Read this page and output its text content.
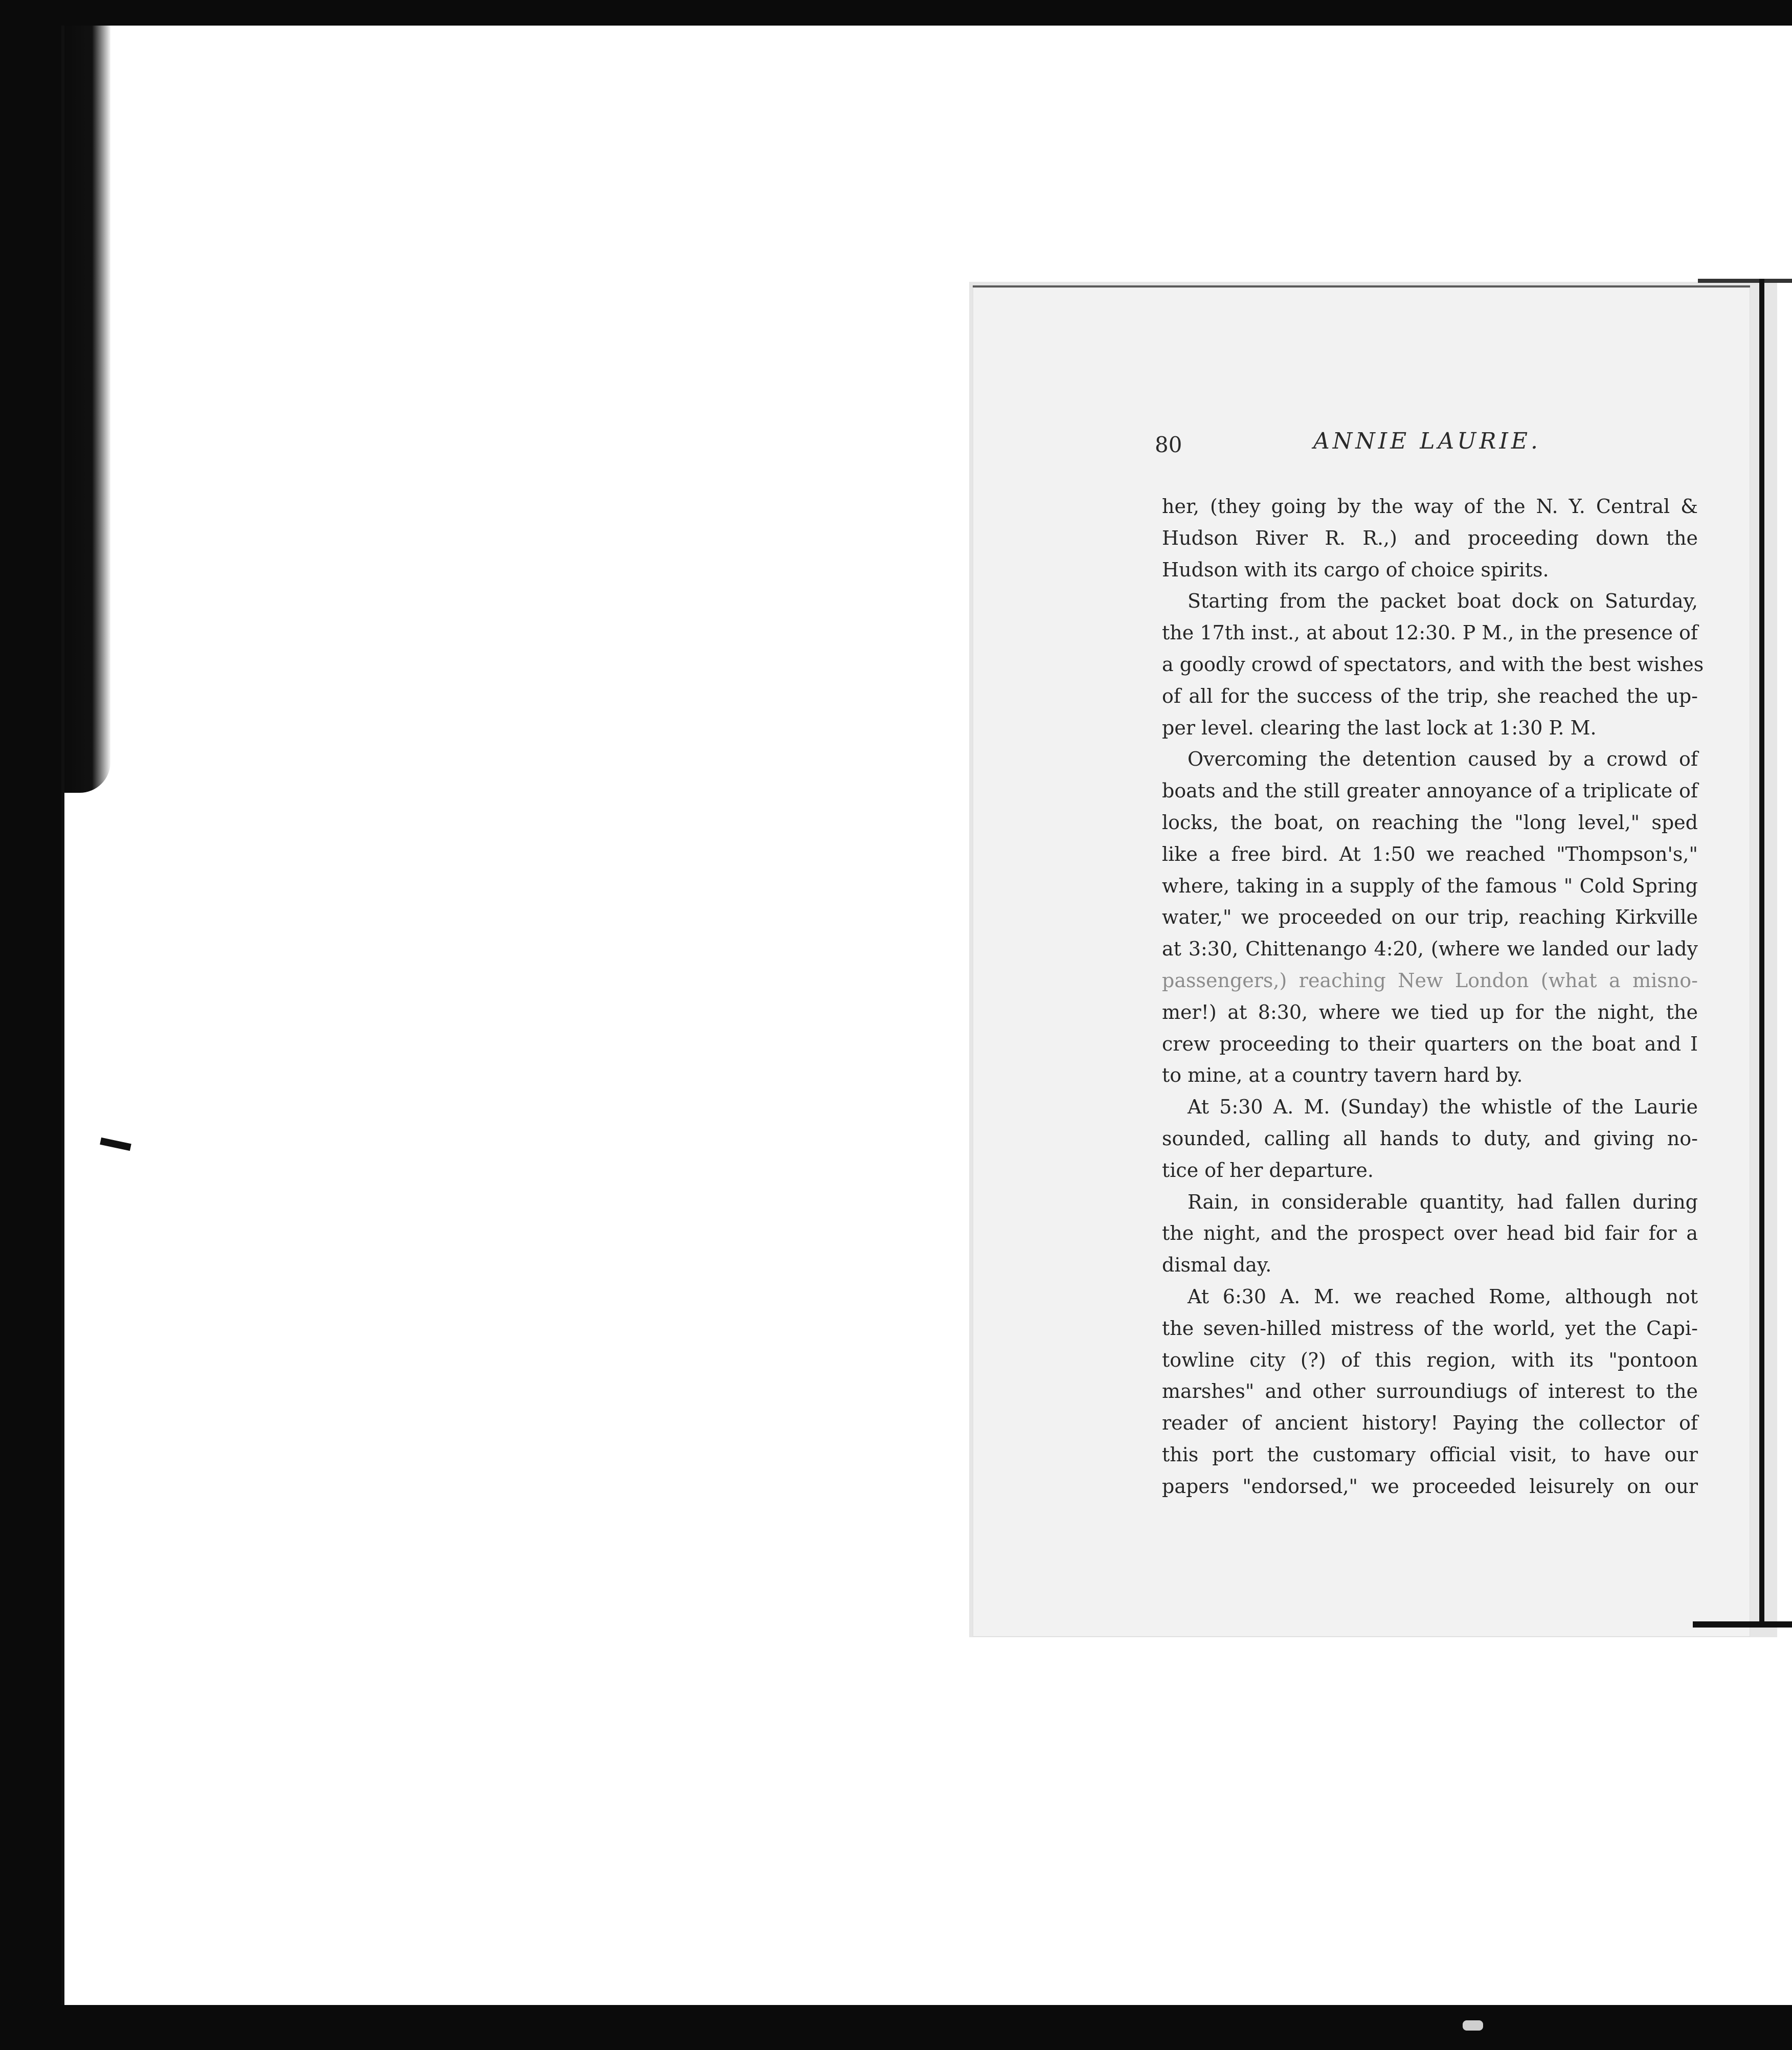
80	ANNIE LAURIE.
her, (they going by the way of the N. Y. Central &
Hudson River R. R.,) and proceeding down the
Hudson with its cargo of choice spirits.
Starting from the packet boat dock on Saturday,
the 17th inst., at about 12:30. P M., in the presence of
a goodly crowd of spectators, and with the best wishes
of all for the success of the trip, she reached the up-
per level. clearing the last lock at 1:30 P. M.
Overcoming the detention caused by a crowd of
boats and the still greater annoyance of a triplicate of
locks, the boat, on reaching the "long level," sped
like a free bird. At 1:50 we reached "Thompson's,"
where, taking in a supply of the famous " Cold Spring
water," we proceeded on our trip, reaching Kirkville
at 3:30, Chittenango 4:20, (where we landed our lady
passengers,) reaching New London (what a misno-
mer!) at 8:30, where we tied up for the night, the
crew proceeding to their quarters on the boat and I
to mine, at a country tavern hard by.
At 5:30 A. M. (Sunday) the whistle of the Laurie
sounded, calling all hands to duty, and giving no-
tice of her departure.
Rain, in considerable quantity, had fallen during
the night, and the prospect over head bid fair for a
dismal day.
At 6:30 A. M. we reached Rome, although not
the seven-hilled mistress of the world, yet the Capi-
towline city (?) of this region, with its "pontoon
marshes" and other surroundiugs of interest to the
reader of ancient history! Paying the collector of
this port the customary official visit, to have our
papers "endorsed," we proceeded leisurely on our
